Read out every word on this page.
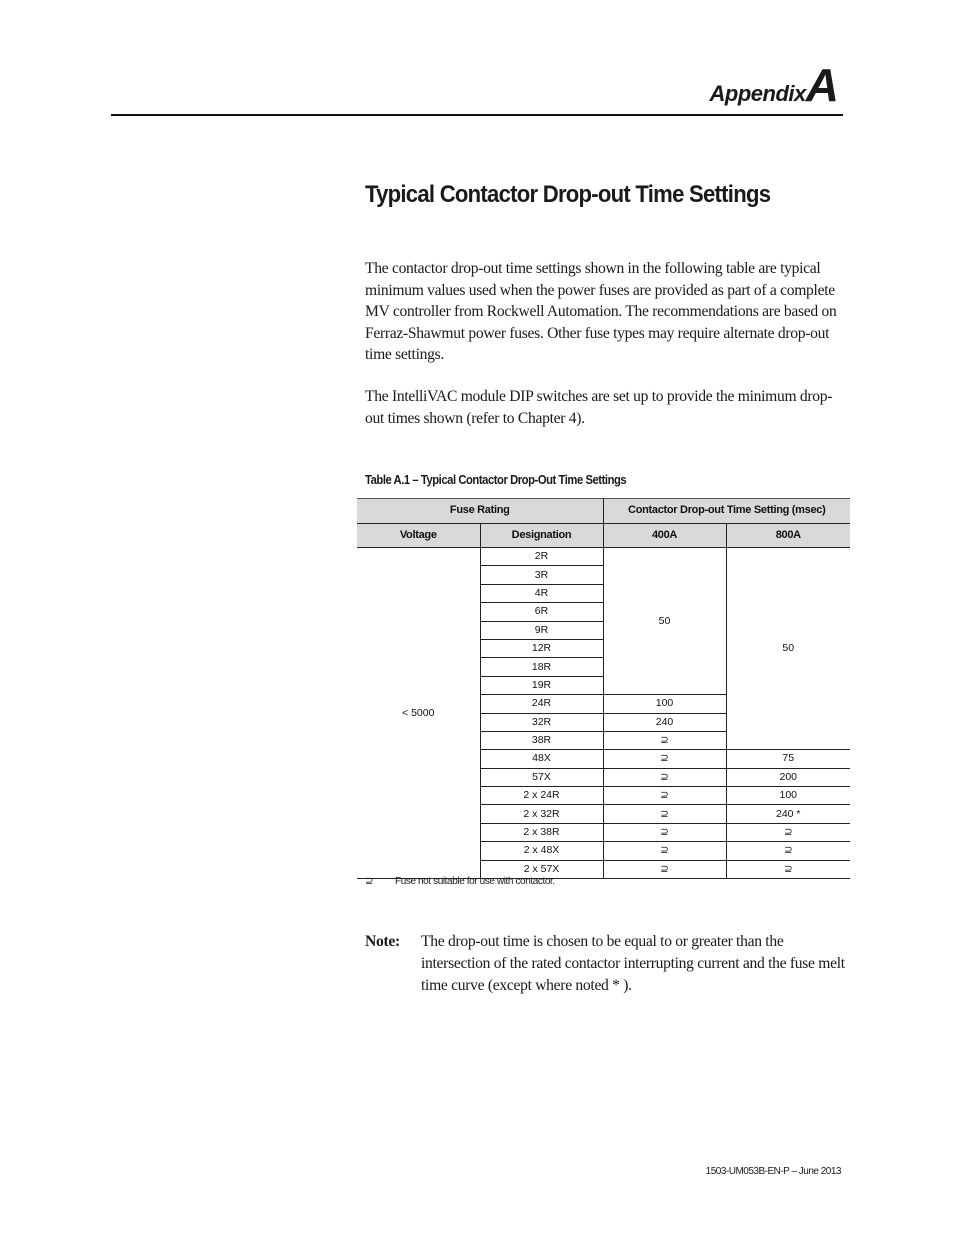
Appendix A
Typical Contactor Drop-out Time Settings

The contactor drop-out time settings shown in the following table are typical minimum values used when the power fuses are provided as part of a complete MV controller from Rockwell Automation. The recommendations are based on Ferraz-Shawmut power fuses. Other fuse types may require alternate drop-out time settings.

The IntelliVAC module DIP switches are set up to provide the minimum drop-out times shown (refer to Chapter 4).

Table A.1 – Typical Contactor Drop-Out Time Settings
Fuse Rating		Contactor Drop-out Time Setting (msec)	
Voltage	Designation	400A	800A
< 5000	2R	50	50
	3R		
	4R		
	6R		
	9R		
	12R		
	18R		
	19R		
	24R	100	
	32R	240	
	38R	⊇	
	48X	⊇	75
	57X	⊇	200
	2 x 24R	⊇	100
	2 x 32R	⊇	240 *
	2 x 38R	⊇	⊇
	2 x 48X	⊇	⊇
	2 x 57X	⊇	⊇
⊇	Fuse not suitable for use with contactor.
Note: The drop-out time is chosen to be equal to or greater than the intersection of the rated contactor interrupting current and the fuse melt time curve (except where noted * ).
1503-UM053B-EN-P – June 2013
